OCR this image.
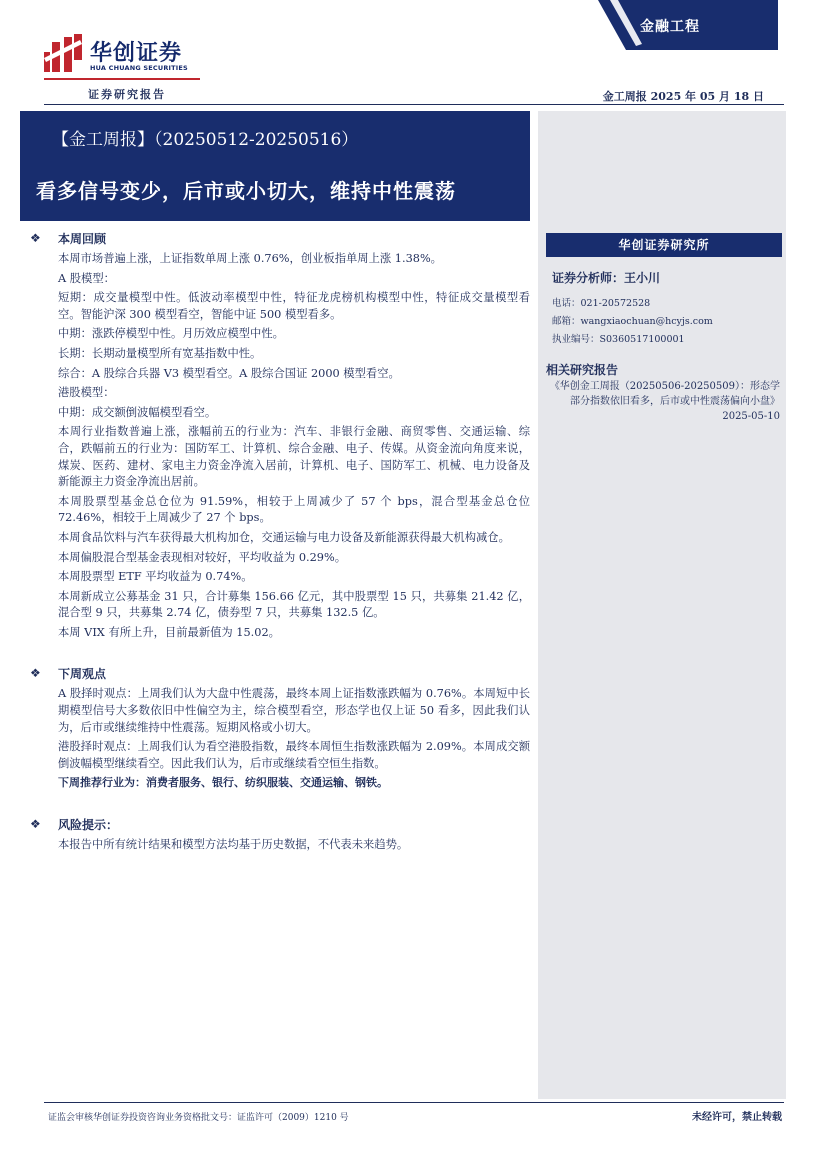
华创证券
HUA CHUANG SECURITIES
证券研究报告
金融工程
金工周报 2025 年 05 月 18 日
【金工周报】（20250512-20250516）
看多信号变少，后市或小切大，维持中性震荡
华创证券研究所
证券分析师：王小川
电话：021-20572528
邮箱：wangxiaochuan@hcyjs.com
执业编号：S0360517100001
相关研究报告
《华创金工周报（20250506-20250509）：形态学部分指数依旧看多，后市或中性震荡偏向小盘》
2025-05-10
❖ 本周回顾

本周市场普遍上涨，上证指数单周上涨 0.76%，创业板指单周上涨 1.38%。

A 股模型：

短期：成交量模型中性。低波动率模型中性，特征龙虎榜机构模型中性，特征成交量模型看空。智能沪深 300 模型看空，智能中证 500 模型看多。

中期：涨跌停模型中性。月历效应模型中性。

长期：长期动量模型所有宽基指数中性。

综合：A 股综合兵器 V3 模型看空。A 股综合国证 2000 模型看空。

港股模型：

中期：成交额倒波幅模型看空。

本周行业指数普遍上涨，涨幅前五的行业为：汽车、非银行金融、商贸零售、交通运输、综合，跌幅前五的行业为：国防军工、计算机、综合金融、电子、传媒。从资金流向角度来说，煤炭、医药、建材、家电主力资金净流入居前，计算机、电子、国防军工、机械、电力设备及新能源主力资金净流出居前。

本周股票型基金总仓位为 91.59%，相较于上周减少了 57 个 bps，混合型基金总仓位 72.46%，相较于上周减少了 27 个 bps。

本周食品饮料与汽车获得最大机构加仓，交通运输与电力设备及新能源获得最大机构减仓。

本周偏股混合型基金表现相对较好，平均收益为 0.29%。

本周股票型 ETF 平均收益为 0.74%。

本周新成立公募基金 31 只，合计募集 156.66 亿元，其中股票型 15 只，共募集 21.42 亿，混合型 9 只，共募集 2.74 亿，债券型 7 只，共募集 132.5 亿。

本周 VIX 有所上升，目前最新值为 15.02。

❖ 下周观点

A 股择时观点：上周我们认为大盘中性震荡，最终本周上证指数涨跌幅为 0.76%。本周短中长期模型信号大多数依旧中性偏空为主，综合模型看空，形态学也仅上证 50 看多，因此我们认为，后市或继续维持中性震荡。短期风格或小切大。

港股择时观点：上周我们认为看空港股指数，最终本周恒生指数涨跌幅为 2.09%。本周成交额倒波幅模型继续看空。因此我们认为，后市或继续看空恒生指数。

下周推荐行业为：消费者服务、银行、纺织服装、交通运输、钢铁。

❖ 风险提示：

本报告中所有统计结果和模型方法均基于历史数据，不代表未来趋势。

证监会审核华创证券投资咨询业务资格批文号：证监许可（2009）1210 号	未经许可，禁止转载
